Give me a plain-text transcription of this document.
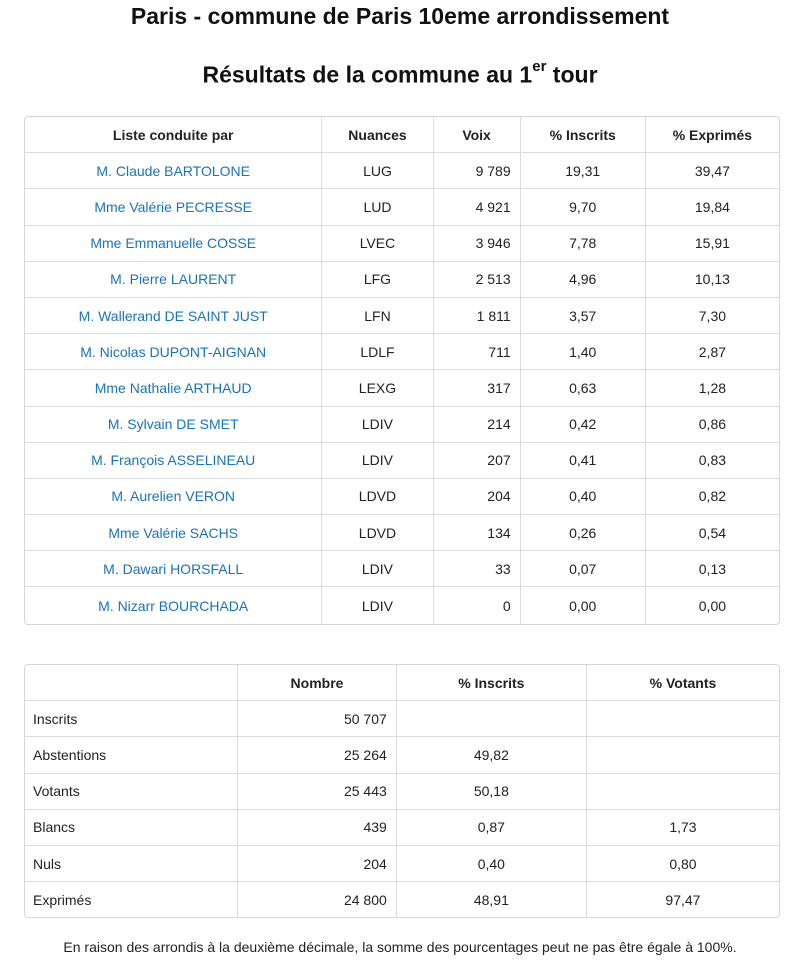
Paris - commune de Paris 10eme arrondissement
Résultats de la commune au 1er tour
Liste conduite par	Nuances	Voix	% Inscrits	% Exprimés
M. Claude BARTOLONE	LUG	9 789	19,31	39,47
Mme Valérie PECRESSE	LUD	4 921	9,70	19,84
Mme Emmanuelle COSSE	LVEC	3 946	7,78	15,91
M. Pierre LAURENT	LFG	2 513	4,96	10,13
M. Wallerand DE SAINT JUST	LFN	1 811	3,57	7,30
M. Nicolas DUPONT-AIGNAN	LDLF	711	1,40	2,87
Mme Nathalie ARTHAUD	LEXG	317	0,63	1,28
M. Sylvain DE SMET	LDIV	214	0,42	0,86
M. François ASSELINEAU	LDIV	207	0,41	0,83
M. Aurelien VERON	LDVD	204	0,40	0,82
Mme Valérie SACHS	LDVD	134	0,26	0,54
M. Dawari HORSFALL	LDIV	33	0,07	0,13
M. Nizarr BOURCHADA	LDIV	0	0,00	0,00
	Nombre	% Inscrits	% Votants
Inscrits	50 707		
Abstentions	25 264	49,82	
Votants	25 443	50,18	
Blancs	439	0,87	1,73
Nuls	204	0,40	0,80
Exprimés	24 800	48,91	97,47
En raison des arrondis à la deuxième décimale, la somme des pourcentages peut ne pas être égale à 100%.
